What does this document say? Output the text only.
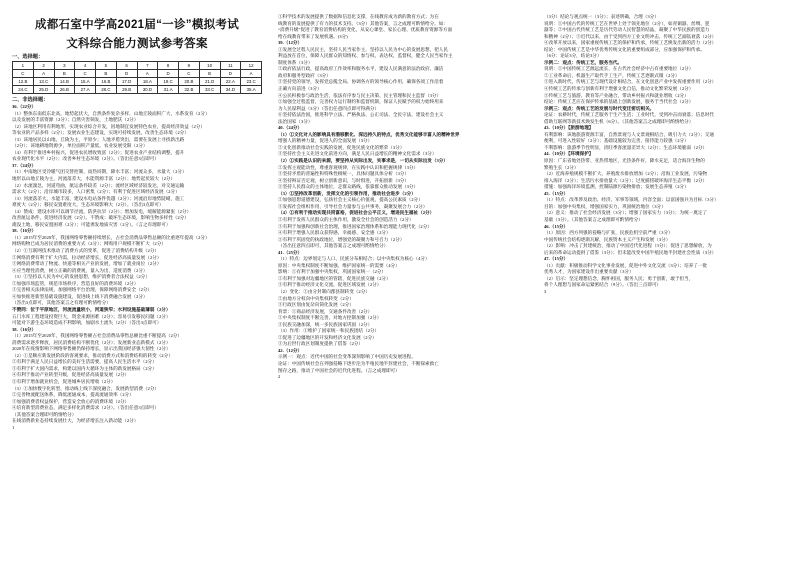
成都石室中学高2021届“一诊”模拟考试
文科综合能力测试参考答案
一、选择题：
1	2	3	4	5	6	7	8	9	10	11	12
C	A	B	C	B	D	A	D	C	B	D	A
12.B	13.C	14.B	15.A	16.B	17.D	18.A	19.C	20.B	21.D	22.A	23.C
24.C	25.D	26.B	27.A	28.C	29.B	30.D	31.A	32.B	33.C	34.D	35.A
二、非选择题：
36.（22分）
（1）整体东南低东北高，地势起伏大，自然条件复杂多样，山地丘陵面积广大，水系发育（2分）
以及发展的丰富资源（2分）；自然灾害频发，土地肥沃（2分）
（2）该地区利用有利地形，实现农业综合开发，因地制宜发展特色农业，提高经济效益（2分）
等农业的产品多样（2分）；发展农业生态建设，实现可持续发展，改善生态环境（2分）
（3）该地居民以山地、丘陵为主，平原少；人地矛盾突出，需要在发展上寻找新出路
（2分）；该地耕地资源少，单位面积产量低，农业发展受限（2分）
（4）有利于推进乡村振兴，促进农民增收致富（2分）；促进农业产业结构调整，提升
农业现代化水平（2分）；改善乡村生态环境（2分）。（答出任意3点即可）
37.（24分）
（1）中南地区受冷暖气团交替控制，雨热同期，降水丰富；河流众多，水量大（2分）
地形以山地丘陵为主，河流落差大，水能资源丰富（2分）；地势起伏较大（2分）
（2）水流湍急，河道弯曲，航运条件较差（2分）；流经区域经济较发达，对交通运输
需求大（2分）；沿岸城市较多，人口密集（2分）；有利于促进区域经济发展（2分）
（3）河流落差大，水能丰富，建设水电站条件优越（2分）；河流沿岸地势陡峭，施工
难度大（2分）；移民安置难度大，生态环境影响大（2分）。（答出3点即可）
（4）赞成：建设水库可以调节径流，防洪抗旱（2分）；增加发电，缓解能源紧张（2分）
改善航运条件，促进经济发展（2分）。不赞成：破坏生态环境，影响生物多样性（2分）
淹没土地，移民安置困难（2分）；可能诱发地质灾害（2分）。（言之有理即可）
38.（16分）
（1）2015年至2020年，我国网络零售额持续增长，占社会消费品零售总额的比重逐年提高（2分）
网络购物已成为居民消费的重要方式（2分）；网购用户规模不断扩大（2分）
（2）①互联网技术推动了消费方式的变革，促进了消费结构升级（2分）
②网络消费有利于扩大内需，拉动经济增长，促进经济高质量发展（2分）
③网络消费带动了物流、快递等相关产业的发展，增加了就业岗位（2分）
④应当理性消费，树立正确的消费观，量入为出，适度消费（2分）
（3）①坚持以人民为中心的发展思想，维护消费者合法权益（2分）
②加强市场监管，规范市场秩序，营造良好的消费环境（2分）
③完善相关法律法规，加强网络平台治理，保障网络消费安全（2分）
④加快推进新型基础设施建设，促进线上线下消费融合发展（2分）
（答出3点即可，其他答案言之有理可酌情给分）
不赞同：位于平原地区，河流流量较小，河道狭窄；水利设施基础薄弱（2分）
五门水库工程建设投资巨大，资金来源困难（2分）；容易引发移民问题（2分）
可能对下游生态环境造成不利影响，加剧水土流失（2分）（答出3点即可）
38.（16分）
（1）2015年至2020年，我国网络零售额占社会消费品零售总额比重不断提高（2分）
消费需求逐步释放，居民消费结构不断优化（2分）；发展新业态新模式（2分）
2020年在疫情影响下网络零售额仍保持增长，显示出我国经济强大韧性（2分）
（2）①是顺应新发展阶段的客观要求，推动消费方式和消费结构的转变（2分）
②有利于满足人民日益增长的美好生活需要，提高人民生活水平（2分）
③有利于扩大国内需求，构建以国内大循环为主体的新发展格局（2分）
④有利于推动产业转型升级，促进经济高质量发展（2分）
⑤有利于增加就业机会，促进城乡居民增收（2分）
（3）①加快数字化转型，推动线上线下深度融合，发展新型消费（2分）
②完善物流配送体系，降低流通成本，提高流通效率（2分）
③加强消费者权益保护，营造安全放心的消费环境（2分）
④培育新型消费业态，满足多样化消费需求（2分）。（答出任意3点即可）
（其他答案合理即可酌情给分）
在线消费新业态持续发展壮大，为经济增长注入新动能（2分）
1
①科学技术的发展提供了数据和信息化支撑，在线教育成为新的教育方式；为在
线教育的发展提供了有力的技术支持。（3分）其他答案，言之成理可酌情给分。如：
“消费升级”促进了教育消费结构的变化，从安心课堂、家长心理、优质教育资源等方面
给在线教育带来了发展机遇。(3分)
39.（12分）
①发展全过程人民民主，坚持人民当家作主，坚持以人民为中心的发展思想，把人民
利益放在首位，保障人民群众的知情权、参与权、表达权、监督权，健全人民当家作主
制度体系（3分）
②政府依法行政，提高政府工作效率和服务水平，建设人民满意的法治政府、廉洁
政府和服务型政府（3分）
③坚持党的领导，发挥党总揽全局、协调各方的领导核心作用，确保各项工作沿着
正确方向前进（3分）
④公民积极参与政治生活，依法有序参与民主决策、民主管理和民主监督（3分）
⑤加强全过程监督，完善权力运行制约和监督机制，保证人民赋予的权力始终用来
为人民谋利益（3分）（答出任意四点即可得满分）
⑥坚持依法治国，推进科学立法、严格执法、公正司法、全民守法，建设社会主义
法治国家（3分）
40.（24分）
（1）①文化对人的影响具有潜移默化、深远持久的特点，优秀文化能够丰富人的精神世界
增强人的精神力量，促进人的全面发展（3分）
②文化创新推动社会实践的发展，促进民族文化的繁荣（3分）
③坚持社会主义先进文化前进方向，满足人民日益增长的精神文化需求（3分）
（2）①实践是认识的来源，要坚持从实际出发，实事求是，一切从实际出发（3分）
②发挥主观能动性，尊重客观规律，在实践中认识和把握规律（3分）
③坚持矛盾的普遍性和特殊性相统一，具体问题具体分析（3分）
④坚持辩证否定观，树立创新意识，与时俱进，开拓创新（3分）
⑤坚持人民群众的主体地位，走群众路线，依靠群众推动发展（3分）
（3）①坚持改革创新，发挥文化的引领作用，推动社会进步（2分）
②加强思想道德建设，弘扬社会主义核心价值观，提高公民素质（2分）
③发挥社会组织作用，引导社会力量参与公共事务，凝聚发展合力（2分）
（4）①有利于推动实现共同富裕，促进社会公平正义，增进民生福祉（2分）
②有利于发挥人民群众的主体作用，激发全社会的创造活力（2分）
③有利于加强和创新社会治理，推进国家治理体系和治理能力现代化（2分）
④有利于增强人民群众获得感、幸福感、安全感（2分）
⑤有利于巩固党的执政地位，增强党的凝聚力和号召力（2分）
（答出任意四点即可，其他答案言之成理可酌情给分）
41.（25分）
（1）特点：边界划定与人口、民族分布相结合；以中央集权为核心（4分）
原因：中央集权制度不断加强，维护国家统一的需要（4分）
影响：①有利于加强中央集权，巩固国家统一（2分）
②有利于加强对边疆地区的管辖，促进民族交融（2分）
③有利于推动经济文化交流，促进区域发展（2分）
（2）变化：①由分封制向郡县制转变（2分）
②由地方分权向中央集权转变（2分）
③行政区划由复杂向简化发展（2分）
背景：①商品经济发展，交通条件改善（2分）
②中央集权制度不断完善，对地方控制加强（2分）
③民族交融加深，统一多民族国家巩固（2分）
（3）作用：①维护了国家统一和民族团结（2分）
②促进了边疆地区的开发和经济文化发展（2分）
③为后世行政区划制度提供了借鉴（2分）
42.（12分）
示例一：观点：近代中国的社会变革深刻影响了中国历史发展进程。
论证：中国传统社会在列强侵略下逐步沦为半殖民地半封建社会，不断探索救亡
图存之路，推动了中国社会的近代化进程。（言之成理即可）
2
（3分）结论与观点统一（3分）；表述明确，合理（3分）
说明：①中国古代的传统工艺在世界上处于领先地位（2分），如青铜器、丝绸、瓷
器等；②中国古代传统工艺是历代劳动人民智慧的结晶，凝聚了中华民族的创造力
和精神（2分）；③近代以来，由于受到西方工业文明冲击，传统工艺面临衰落（2分）
④改革开放以来，国家重视传统工艺的保护和传承，传统工艺焕发出新的活力（2分）
结论：中国传统工艺是中华优秀传统文化的重要组成部分，应加强保护和传承。
（6分：论证3分，结论3分）
示例二：观点：传统工艺，服务当代。
说明：①中国传统工艺源远流长，在古代社会经济中占有重要地位（2分）
②工业革命后，机器生产取代手工生产，传统工艺逐渐式微（2分）
③进入新时代，传统工艺与现代设计相结合，在文化创意产业中发挥重要作用（2分）
④传统工艺的传承与创新有利于增强文化自信，推动文化繁荣发展（2分）
⑤传统工艺与旅游、教育等产业融合，带动乡村振兴和就业增收（2分）
结论：传统工艺应在保护传承的基础上创新发展，服务于当代社会（2分）
示例三：观点：传统工艺的发展与时代变迁密切相关。
论证：农耕时代，传统工艺服务于生产生活；工业时代，受到冲击而衰落；信息时代
借助互联网等新技术焕发生机（6分）。（其他答案言之成理即可酌情给分）
43.（10分）【旅游地理】
有利影响：该地旅游资源丰富，自然景观与人文景观相结合，吸引力大（2分）；交通
便利，可进入性较好（2分）；基础设施较为完善，接待能力较强（2分）
不利影响：旅游季节性明显，淡旺季客流量差异大（2分）；生态环境脆弱（2分）
44.（10分）【环境保护】
原因：广东省地处热带、亚热带地区，光热条件好，降水充足，适合海洋生物的
繁殖生长（2分）
（2）近海养殖规模不断扩大，养殖废水排放增加（2分）；沿海工业发展，污染物
排入海洋（2分）；生活污水排放量大（2分）；过度捕捞破坏海洋生态平衡（2分）
措施：加强海洋环境监测，控制陆源污染物排放；发展生态养殖（2分）
45.（15分）
（1）特点：改革涉及政治、经济、军事等领域，内容全面；以富国强兵为目标（3分）
目的：加强中央集权，增强国家实力，巩固统治地位（3分）
（2）意义：推动了社会经济发展（3分）；增强了国家实力（3分）；为统一奠定了
基础（3分）。（其他答案言之成理即可酌情给分）
46.（15分）
（1）原因：西方列强的侵略与扩张，民族危机空前严重（3分）
中国传统社会结构逐渐瓦解，民族资本主义产生和发展（3分）
（2）影响：冲击了封建统治，推动了中国近代化进程（3分）；促进了思想解放，为
后来的革命运动提供了借鉴（3分）；但未能改变中国半殖民地半封建社会性质（3分）
47.（15分）
（1）贡献：积极推动科学文化事业发展，促进中外文化交流（3分）；培养了一批
优秀人才，为国家建设作出重要贡献（3分）
（2）启示：坚定理想信念，胸怀祖国，服务人民；勇于创新，敢于担当，
将个人理想与国家命运紧密结合（9分）。（答出三点即可）
3
